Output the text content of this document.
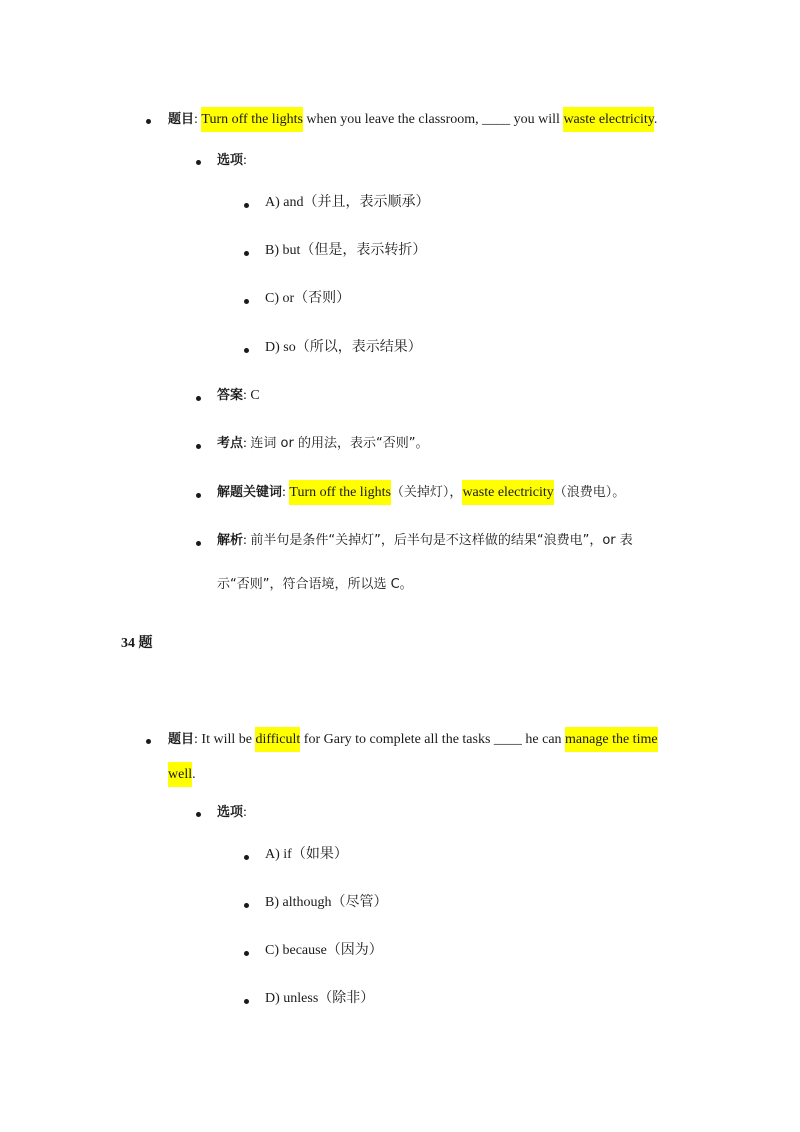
题目: Turn off the lights when you leave the classroom, ____ you will waste electricity.
选项:
A) and（并且，表示顺承）
B) but（但是，表示转折）
C) or（否则）
D) so（所以，表示结果）
答案: C
考点: 连词 or 的用法，表示“否则”。
解题关键词: Turn off the lights（关掉灯），waste electricity（浪费电）。
解析: 前半句是条件“关掉灯”，后半句是不这样做的结果“浪费电”，or 表
示“否则”，符合语境，所以选 C。
34 题
题目: It will be difficult for Gary to complete all the tasks ____ he can manage the time
well.
选项:
A) if（如果）
B) although（尽管）
C) because（因为）
D) unless（除非）
